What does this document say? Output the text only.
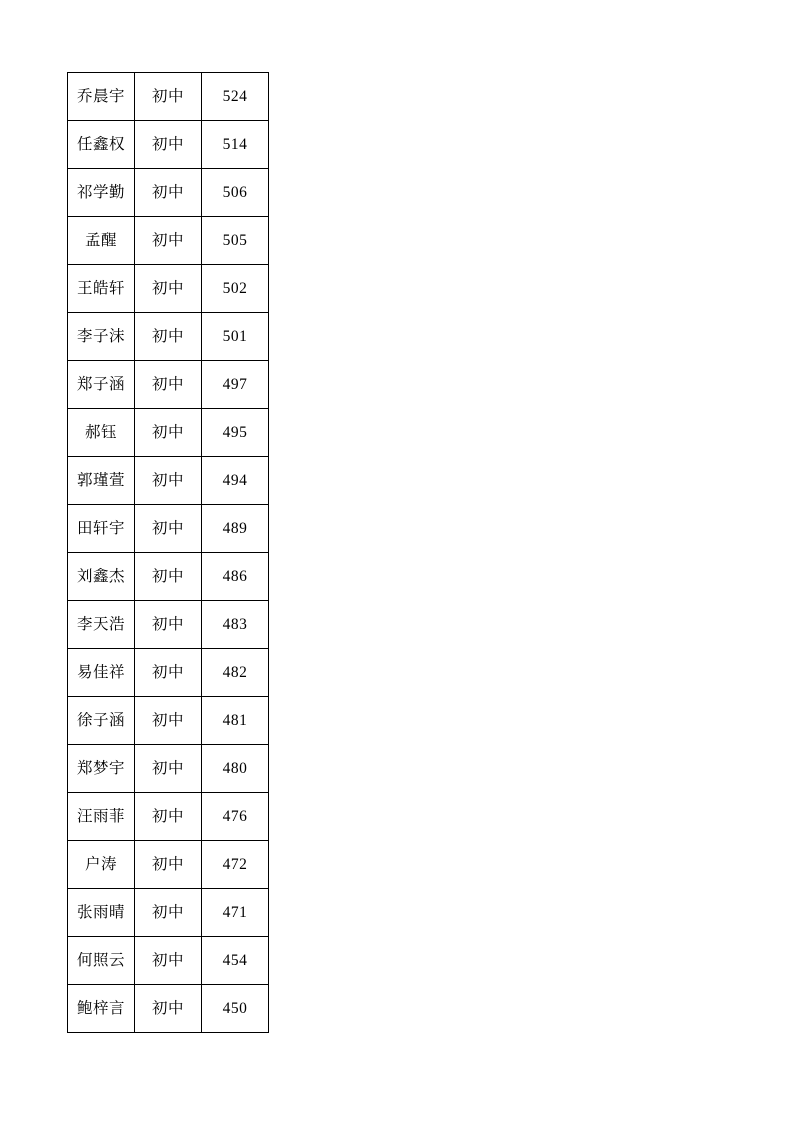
乔晨宇	初中	524
任鑫权	初中	514
祁学勤	初中	506
孟醒	初中	505
王皓轩	初中	502
李子沫	初中	501
郑子涵	初中	497
郝钰	初中	495
郭瑾萱	初中	494
田轩宇	初中	489
刘鑫杰	初中	486
李天浩	初中	483
易佳祥	初中	482
徐子涵	初中	481
郑梦宇	初中	480
汪雨菲	初中	476
户涛	初中	472
张雨晴	初中	471
何照云	初中	454
鲍梓言	初中	450
